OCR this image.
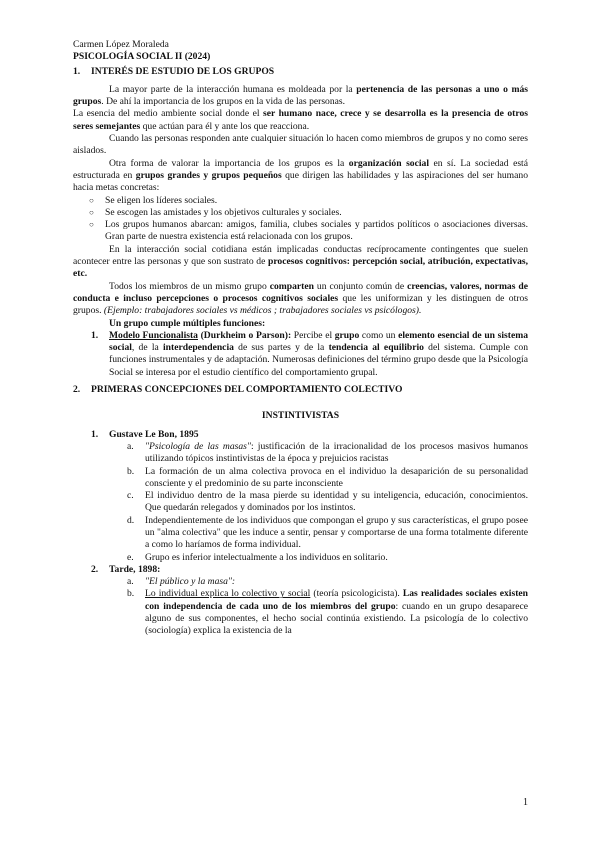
Carmen López Moraleda

PSICOLOGÍA SOCIAL II (2024)

1.	INTERÉS DE ESTUDIO DE LOS GRUPOS

La mayor parte de la interacción humana es moldeada por la pertenencia de las personas a uno o más grupos. De ahí la importancia de los grupos en la vida de las personas.

La esencia del medio ambiente social donde el ser humano nace, crece y se desarrolla es la presencia de otros seres semejantes que actúan para él y ante los que reacciona.

Cuando las personas responden ante cualquier situación lo hacen como miembros de grupos y no como seres aislados.

Otra forma de valorar la importancia de los grupos es la organización social en sí. La sociedad está estructurada en grupos grandes y grupos pequeños que dirigen las habilidades y las aspiraciones del ser humano hacia metas concretas:

○	Se eligen los líderes sociales.
○	Se escogen las amistades y los objetivos culturales y sociales.
○	Los grupos humanos abarcan: amigos, familia, clubes sociales y partidos políticos o asociaciones diversas. Gran parte de nuestra existencia está relacionada con los grupos.

En la interacción social cotidiana están implicadas conductas recíprocamente contingentes que suelen acontecer entre las personas y que son sustrato de procesos cognitivos: percepción social, atribución, expectativas, etc.

Todos los miembros de un mismo grupo comparten un conjunto común de creencias, valores, normas de conducta e incluso percepciones o procesos cognitivos sociales que les uniformizan y les distinguen de otros grupos. (Ejemplo: trabajadores sociales vs médicos ; trabajadores sociales vs psicólogos).

Un grupo cumple múltiples funciones:

1.	Modelo Funcionalista (Durkheim o Parson): Percibe el grupo como un elemento esencial de un sistema social, de la interdependencia de sus partes y de la tendencia al equilibrio del sistema. Cumple con funciones instrumentales y de adaptación. Numerosas definiciones del término grupo desde que la Psicología Social se interesa por el estudio científico del comportamiento grupal.
2.	PRIMERAS CONCEPCIONES DEL COMPORTAMIENTO COLECTIVO

INSTINTIVISTAS

1.	Gustave Le Bon, 1895
a.	"Psicología de las masas": justificación de la irracionalidad de los procesos masivos humanos utilizando tópicos instintivistas de la época y prejuicios racistas
b.	La formación de un alma colectiva provoca en el individuo la desaparición de su personalidad consciente y el predominio de su parte inconsciente
c.	El individuo dentro de la masa pierde su identidad y su inteligencia, educación, conocimientos. Que quedarán relegados y dominados por los instintos.
d.	Independientemente de los individuos que compongan el grupo y sus características, el grupo posee un "alma colectiva" que les induce a sentir, pensar y comportarse de una forma totalmente diferente a como lo haríamos de forma individual.
e.	Grupo es inferior intelectualmente a los individuos en solitario.
2.	Tarde, 1898:
a.	"El público y la masa":
b.	Lo individual explica lo colectivo y social (teoría psicologicista). Las realidades sociales existen con independencia de cada uno de los miembros del grupo: cuando en un grupo desaparece alguno de sus componentes, el hecho social continúa existiendo. La psicología de lo colectivo (sociología) explica la existencia de la
1
